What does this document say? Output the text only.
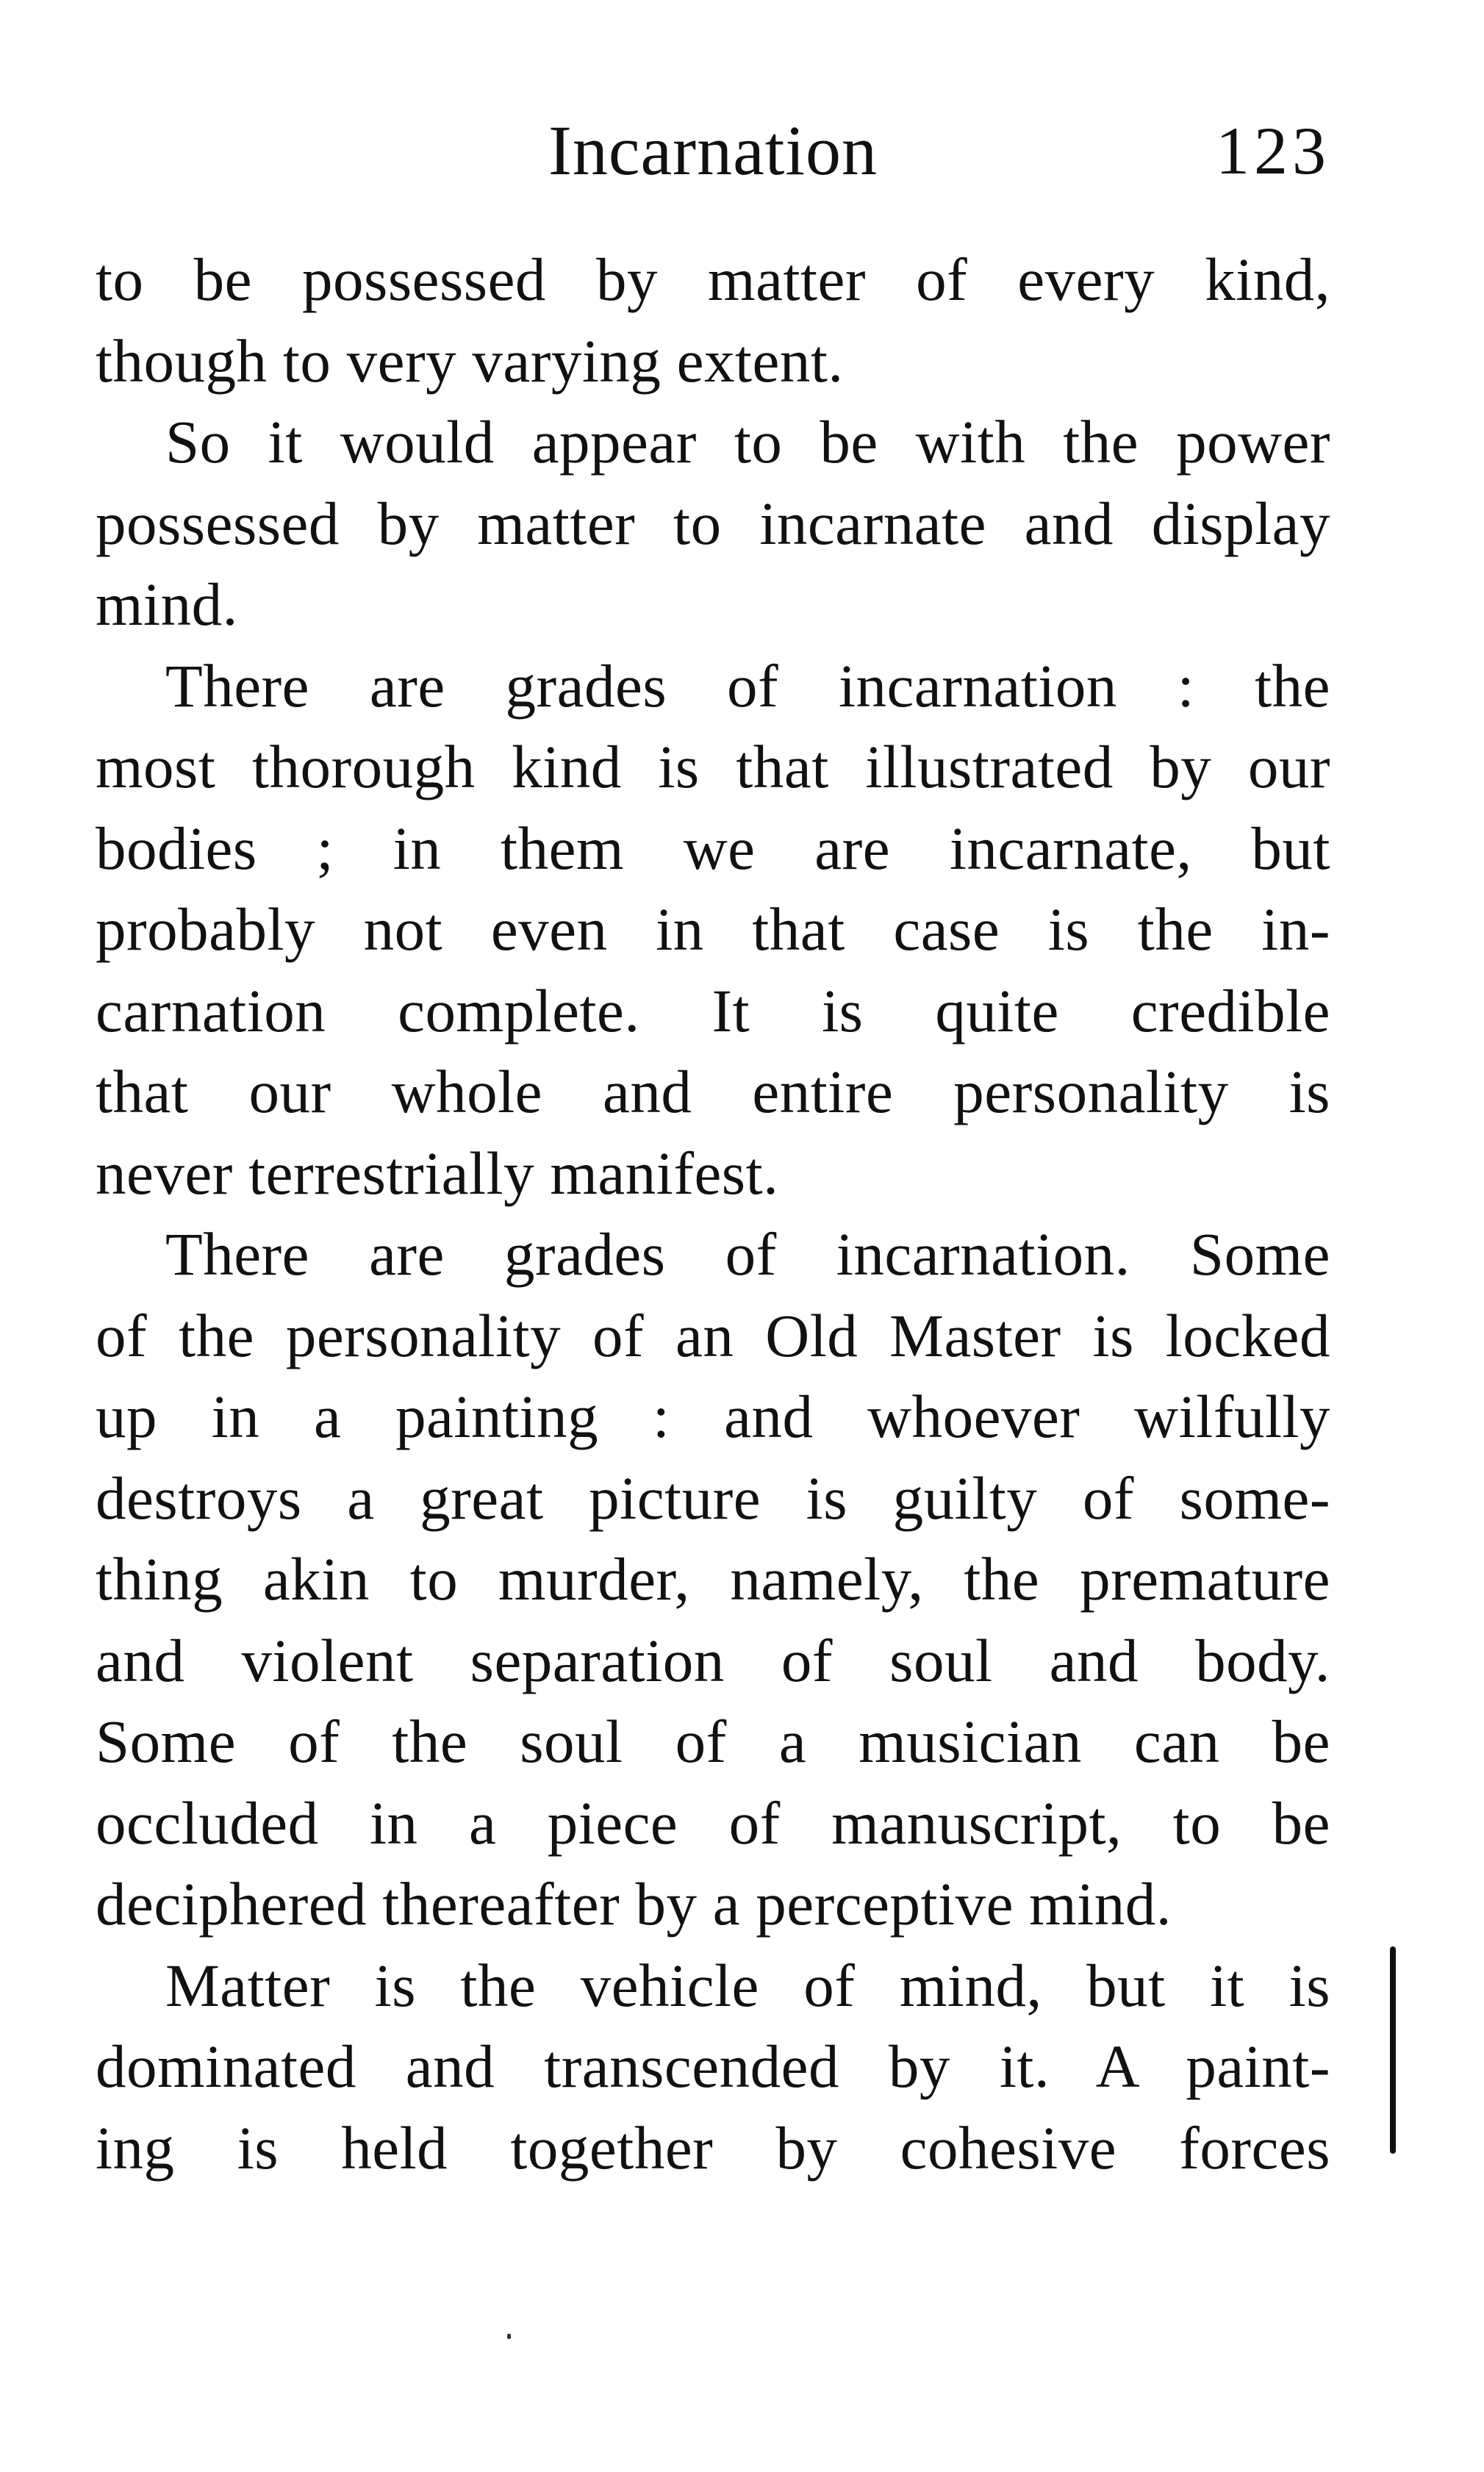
Incarnation	123
to be possessed by matter of every kind,
though to very varying extent.
So it would appear to be with the power
possessed by matter to incarnate and display
mind.
There are grades of incarnation : the
most thorough kind is that illustrated by our
bodies ; in them we are incarnate, but
probably not even in that case is the in-
carnation complete. It is quite credible
that our whole and entire personality is
never terrestrially manifest.
There are grades of incarnation. Some
of the personality of an Old Master is locked
up in a painting : and whoever wilfully
destroys a great picture is guilty of some-
thing akin to murder, namely, the premature
and violent separation of soul and body.
Some of the soul of a musician can be
occluded in a piece of manuscript, to be
deciphered thereafter by a perceptive mind.
Matter is the vehicle of mind, but it is
dominated and transcended by it. A paint-
ing is held together by cohesive forces
